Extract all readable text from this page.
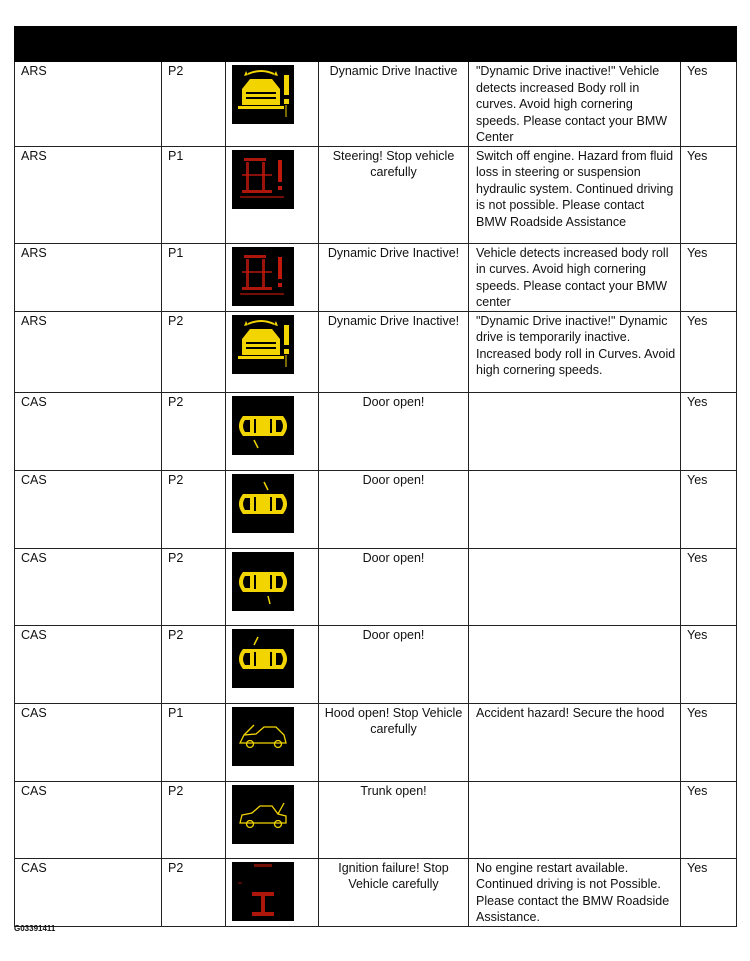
ARS	P2		Dynamic Drive Inactive	"Dynamic Drive inactive!" Vehicle detects increased Body roll in curves. Avoid high cornering speeds. Please contact your BMW Center	Yes
ARS	P1		Steering! Stop vehicle carefully	Switch off engine. Hazard from fluid loss in steering or suspension hydraulic system. Continued driving is not possible. Please contact BMW Roadside Assistance	Yes
ARS	P1		Dynamic Drive Inactive!	Vehicle detects increased body roll in curves. Avoid high cornering speeds. Please contact your BMW center	Yes
ARS	P2		Dynamic Drive Inactive!	"Dynamic Drive inactive!" Dynamic drive is temporarily inactive. Increased body roll in Curves. Avoid high cornering speeds.	Yes
CAS	P2		Door open!		Yes
CAS	P2		Door open!		Yes
CAS	P2		Door open!		Yes
CAS	P2		Door open!		Yes
CAS	P1		Hood open! Stop Vehicle carefully	Accident hazard! Secure the hood	Yes
CAS	P2		Trunk open!		Yes
CAS	P2		Ignition failure! Stop Vehicle carefully	No engine restart available. Continued driving is not Possible. Please contact the BMW Roadside Assistance.	Yes
G03391411
